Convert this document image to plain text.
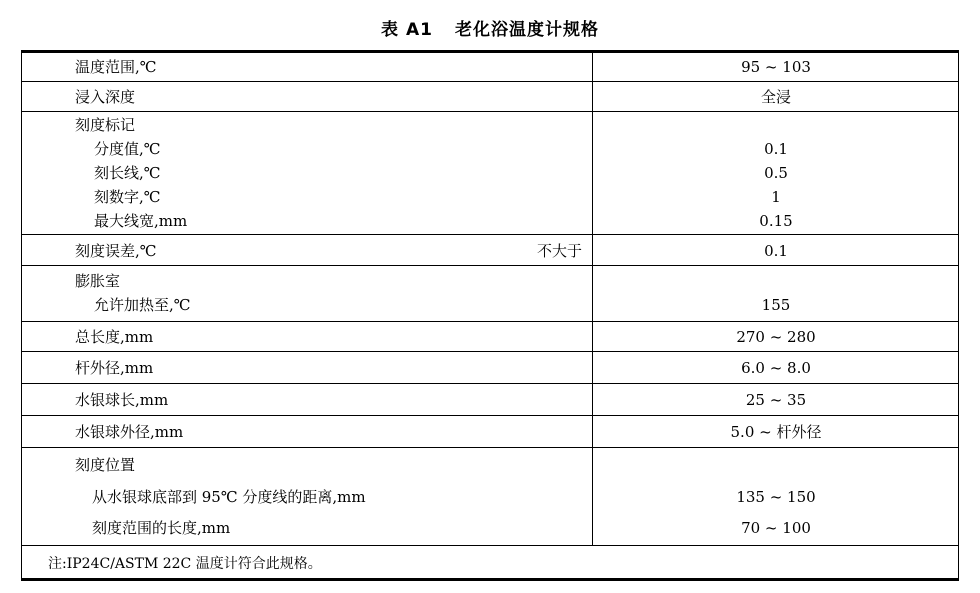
表 A1 老化浴温度计规格
温度范围,℃	95 ~ 103
浸入深度	全浸
刻度标记
分度值,℃	0.1
刻长线,℃	0.5
刻数字,℃	1
最大线宽,mm	0.15
刻度误差,℃	不大于	0.1
膨胀室
允许加热至,℃	155
总长度,mm	270 ~ 280
杆外径,mm	6.0 ~ 8.0
水银球长,mm	25 ~ 35
水银球外径,mm	5.0 ~ 杆外径
刻度位置
从水银球底部到 95℃ 分度线的距离,mm	135 ~ 150
刻度范围的长度,mm	70 ~ 100
注:IP24C/ASTM 22C 温度计符合此规格。
